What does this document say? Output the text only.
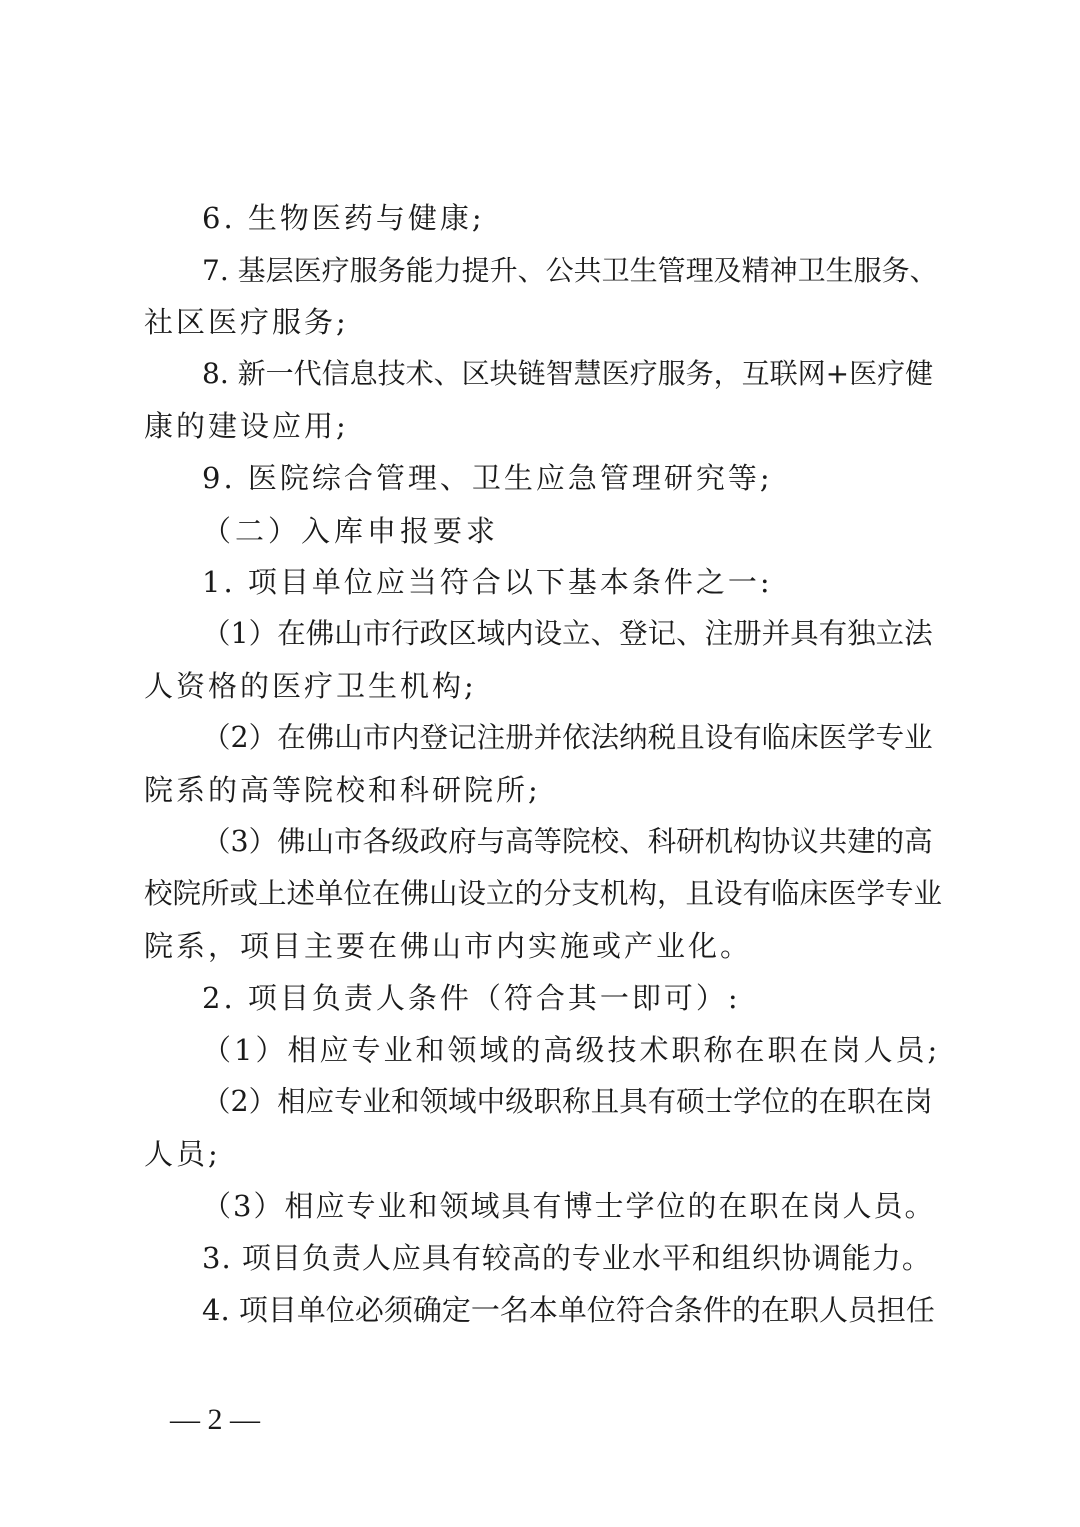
6. 生物医药与健康;
7. 基层医疗服务能力提升、公共卫生管理及精神卫生服务、
社区医疗服务;
8. 新一代信息技术、区块链智慧医疗服务，互联网+医疗健
康的建设应用;
9. 医院综合管理、卫生应急管理研究等;
（二）入库申报要求
1. 项目单位应当符合以下基本条件之一:
（1）在佛山市行政区域内设立、登记、注册并具有独立法
人资格的医疗卫生机构;
（2）在佛山市内登记注册并依法纳税且设有临床医学专业
院系的高等院校和科研院所;
（3）佛山市各级政府与高等院校、科研机构协议共建的高
校院所或上述单位在佛山设立的分支机构，且设有临床医学专业
院系，项目主要在佛山市内实施或产业化。
2. 项目负责人条件（符合其一即可）:
（1）相应专业和领域的高级技术职称在职在岗人员;
（2）相应专业和领域中级职称且具有硕士学位的在职在岗
人员;
（3）相应专业和领域具有博士学位的在职在岗人员。
3. 项目负责人应具有较高的专业水平和组织协调能力。
4. 项目单位必须确定一名本单位符合条件的在职人员担任
— 2 —
